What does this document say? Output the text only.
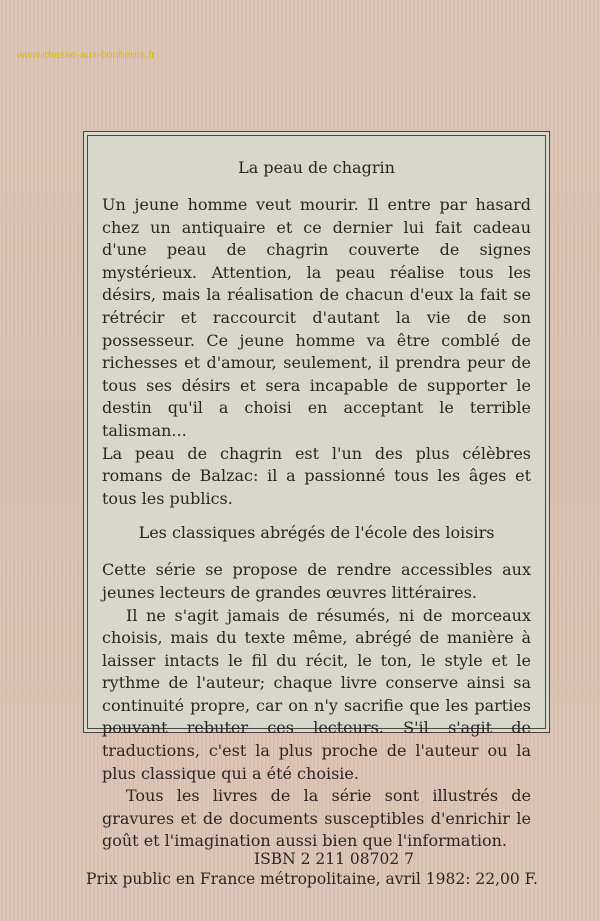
www.chasse-aux-bonheurs.fr

La peau de chagrin

Un jeune homme veut mourir. Il entre par hasard chez un antiquaire et ce dernier lui fait cadeau d'une peau de chagrin couverte de signes mystérieux. Attention, la peau réalise tous les désirs, mais la réalisation de chacun d'eux la fait se rétrécir et raccourcit d'autant la vie de son possesseur. Ce jeune homme va être comblé de richesses et d'amour, seulement, il prendra peur de tous ses désirs et sera incapable de supporter le destin qu'il a choisi en acceptant le terrible talisman...

La peau de chagrin est l'un des plus célèbres romans de Balzac: il a passionné tous les âges et tous les publics.

Les classiques abrégés de l'école des loisirs

Cette série se propose de rendre accessibles aux jeunes lecteurs de grandes œuvres littéraires.

Il ne s'agit jamais de résumés, ni de morceaux choisis, mais du texte même, abrégé de manière à laisser intacts le fil du récit, le ton, le style et le rythme de l'auteur; chaque livre conserve ainsi sa continuité propre, car on n'y sacrifie que les parties pouvant rebuter ces lecteurs. S'il s'agit de traductions, c'est la plus proche de l'auteur ou la plus classique qui a été choisie.

Tous les livres de la série sont illustrés de gravures et de documents susceptibles d'enrichir le goût et l'imagination aussi bien que l'information.

ISBN 2 211 08702 7
Prix public en France métropolitaine, avril 1982: 22,00 F.
